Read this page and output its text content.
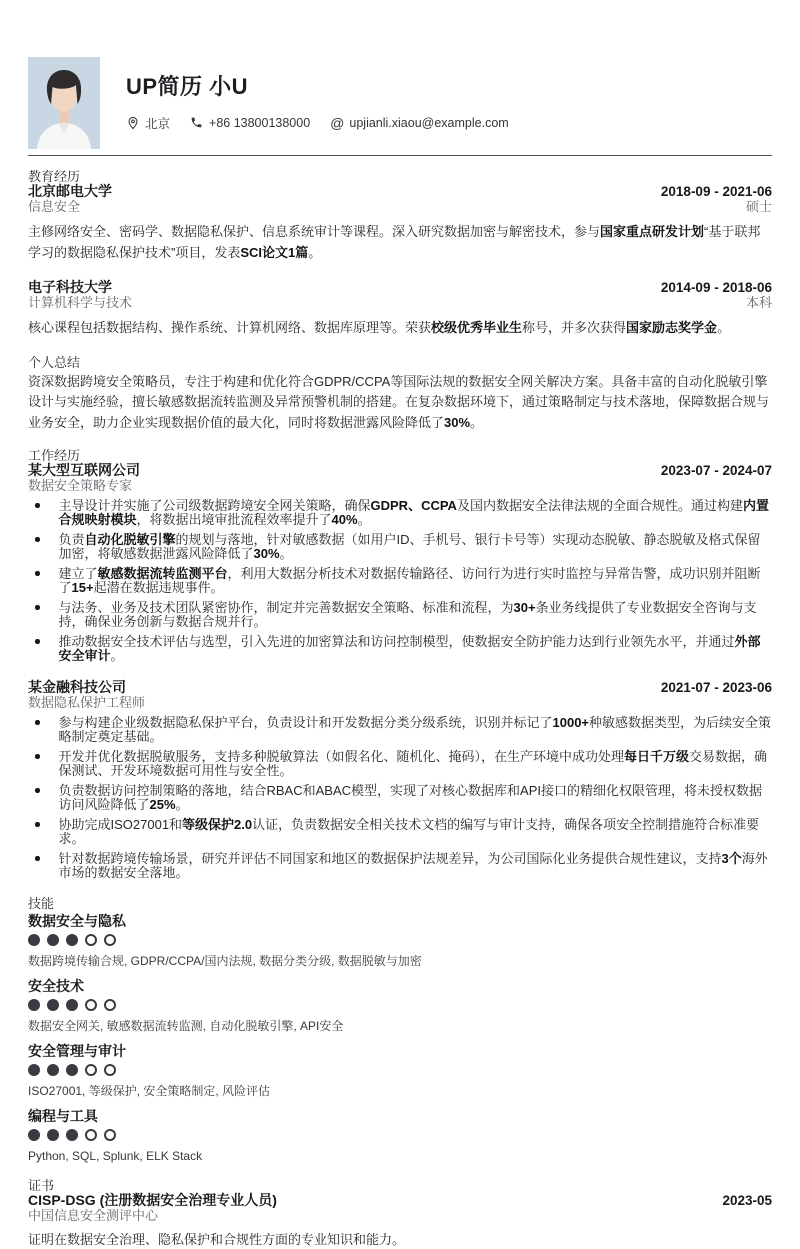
UP简历 小U
北京	+86 13800138000 @ upjianli.xiaou@example.com
教育经历
北京邮电大学	2018-09 - 2021-06
信息安全	硕士
主修网络安全、密码学、数据隐私保护、信息系统审计等课程。深入研究数据加密与解密技术，参与国家重点研发计划“基于联邦学习的数据隐私保护技术”项目，发表SCI论文1篇。
电子科技大学	2014-09 - 2018-06
计算机科学与技术	本科
核心课程包括数据结构、操作系统、计算机网络、数据库原理等。荣获校级优秀毕业生称号，并多次获得国家励志奖学金。
个人总结
资深数据跨境安全策略员，专注于构建和优化符合GDPR/CCPA等国际法规的数据安全网关解决方案。具备丰富的自动化脱敏引擎设计与实施经验，擅长敏感数据流转监测及异常预警机制的搭建。在复杂数据环境下，通过策略制定与技术落地，保障数据合规与业务安全，助力企业实现数据价值的最大化，同时将数据泄露风险降低了30%。
工作经历
某大型互联网公司	2023-07 - 2024-07
数据安全策略专家
主导设计并实施了公司级数据跨境安全网关策略，确保GDPR、CCPA及国内数据安全法律法规的全面合规性。通过构建内置合规映射模块，将数据出境审批流程效率提升了40%。
负责自动化脱敏引擎的规划与落地，针对敏感数据（如用户ID、手机号、银行卡号等）实现动态脱敏、静态脱敏及格式保留加密，将敏感数据泄露风险降低了30%。
建立了敏感数据流转监测平台，利用大数据分析技术对数据传输路径、访问行为进行实时监控与异常告警，成功识别并阻断了15+起潜在数据违规事件。
与法务、业务及技术团队紧密协作，制定并完善数据安全策略、标准和流程，为30+条业务线提供了专业数据安全咨询与支持，确保业务创新与数据合规并行。
推动数据安全技术评估与选型，引入先进的加密算法和访问控制模型，使数据安全防护能力达到行业领先水平，并通过外部安全审计。
某金融科技公司	2021-07 - 2023-06
数据隐私保护工程师
参与构建企业级数据隐私保护平台，负责设计和开发数据分类分级系统，识别并标记了1000+种敏感数据类型，为后续安全策略制定奠定基础。
开发并优化数据脱敏服务，支持多种脱敏算法（如假名化、随机化、掩码），在生产环境中成功处理每日千万级交易数据，确保测试、开发环境数据可用性与安全性。
负责数据访问控制策略的落地，结合RBAC和ABAC模型，实现了对核心数据库和API接口的精细化权限管理，将未授权数据访问风险降低了25%。
协助完成ISO27001和等级保护2.0认证，负责数据安全相关技术文档的编写与审计支持，确保各项安全控制措施符合标准要求。
针对数据跨境传输场景，研究并评估不同国家和地区的数据保护法规差异，为公司国际化业务提供合规性建议，支持3个海外市场的数据安全落地。
技能
数据安全与隐私
数据跨境传输合规, GDPR/CCPA/国内法规, 数据分类分级, 数据脱敏与加密
安全技术
数据安全网关, 敏感数据流转监测, 自动化脱敏引擎, API安全
安全管理与审计
ISO27001, 等级保护, 安全策略制定, 风险评估
编程与工具
Python, SQL, Splunk, ELK Stack
证书
CISP-DSG (注册数据安全治理专业人员)	2023-05
中国信息安全测评中心
证明在数据安全治理、隐私保护和合规性方面的专业知识和能力。
